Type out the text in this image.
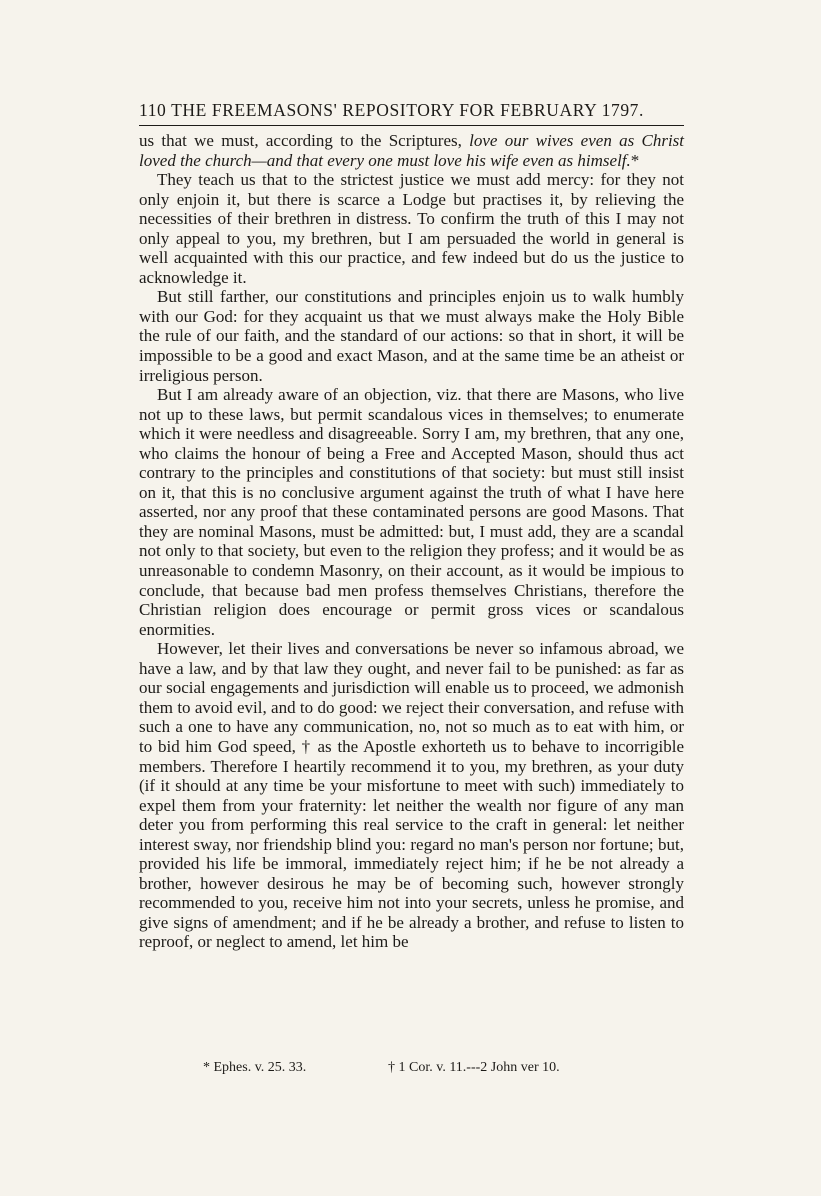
110 THE FREEMASONS' REPOSITORY FOR FEBRUARY 1797.

us that we must, according to the Scriptures, love our wives even as Christ loved the church—and that every one must love his wife even as himself.*

They teach us that to the strictest justice we must add mercy: for they not only enjoin it, but there is scarce a Lodge but practises it, by relieving the necessities of their brethren in distress. To confirm the truth of this I may not only appeal to you, my brethren, but I am persuaded the world in general is well acquainted with this our practice, and few indeed but do us the justice to acknowledge it.

But still farther, our constitutions and principles enjoin us to walk humbly with our God: for they acquaint us that we must always make the Holy Bible the rule of our faith, and the standard of our actions: so that in short, it will be impossible to be a good and exact Mason, and at the same time be an atheist or irreligious person.

But I am already aware of an objection, viz. that there are Masons, who live not up to these laws, but permit scandalous vices in themselves; to enumerate which it were needless and disagreeable. Sorry I am, my brethren, that any one, who claims the honour of being a Free and Accepted Mason, should thus act contrary to the principles and constitutions of that society: but must still insist on it, that this is no conclusive argument against the truth of what I have here asserted, nor any proof that these contaminated persons are good Masons. That they are nominal Masons, must be admitted: but, I must add, they are a scandal not only to that society, but even to the religion they profess; and it would be as unreasonable to condemn Masonry, on their account, as it would be impious to conclude, that because bad men profess themselves Christians, therefore the Christian religion does encourage or permit gross vices or scandalous enormities.

However, let their lives and conversations be never so infamous abroad, we have a law, and by that law they ought, and never fail to be punished: as far as our social engagements and jurisdiction will enable us to proceed, we admonish them to avoid evil, and to do good: we reject their conversation, and refuse with such a one to have any communication, no, not so much as to eat with him, or to bid him God speed, † as the Apostle exhorteth us to behave to incorrigible members. Therefore I heartily recommend it to you, my brethren, as your duty (if it should at any time be your misfortune to meet with such) immediately to expel them from your fraternity: let neither the wealth nor figure of any man deter you from performing this real service to the craft in general: let neither interest sway, nor friendship blind you: regard no man's person nor fortune; but, provided his life be immoral, immediately reject him; if he be not already a brother, however desirous he may be of becoming such, however strongly recommended to you, receive him not into your secrets, unless he promise, and give signs of amendment; and if he be already a brother, and refuse to listen to reproof, or neglect to amend, let him be

* Ephes. v. 25. 33.	† 1 Cor. v. 11.---2 John ver 10.
